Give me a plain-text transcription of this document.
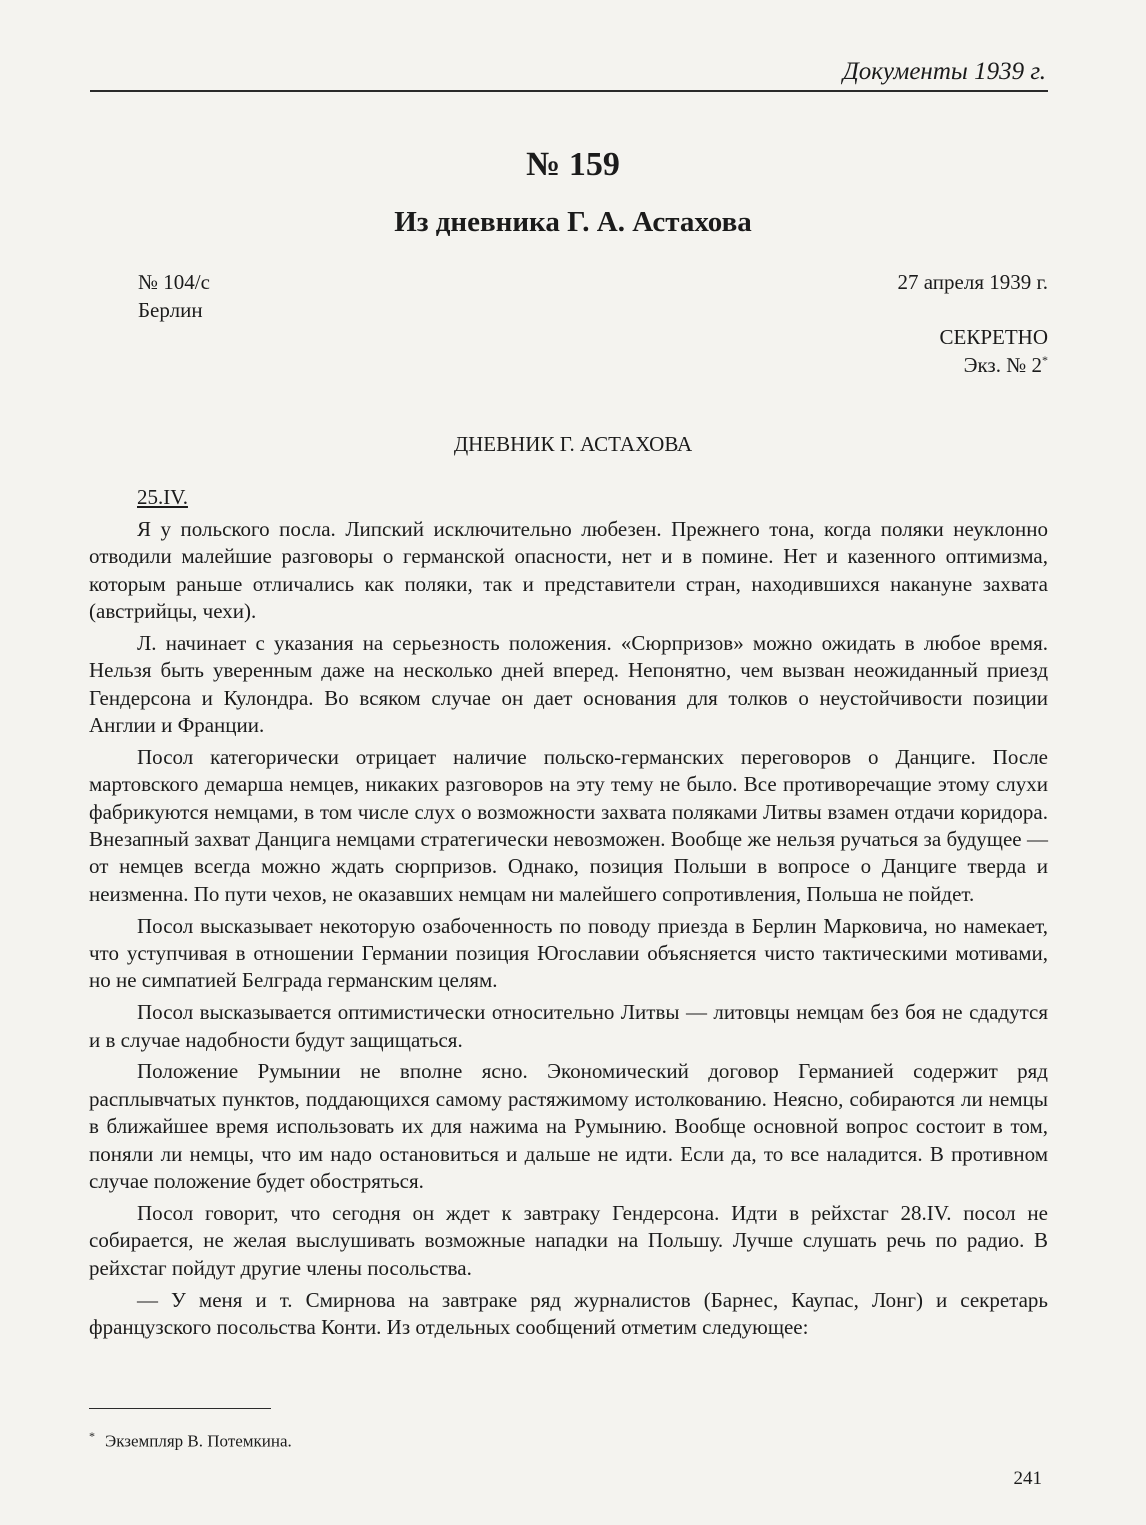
Документы 1939 г.
№ 159
Из дневника Г. А. Астахова
№ 104/с
Берлин
27 апреля 1939 г.
СЕКРЕТНО
Экз. № 2*
ДНЕВНИК Г. АСТАХОВА

25.IV.

Я у польского посла. Липский исключительно любезен. Прежнего тона, когда поляки неуклонно отводили малейшие разговоры о германской опасности, нет и в помине. Нет и казенного оптимизма, которым раньше отличались как поляки, так и представители стран, находившихся накануне захвата (австрийцы, чехи).

Л. начинает с указания на серьезность положения. «Сюрпризов» можно ожидать в любое время. Нельзя быть уверенным даже на несколько дней вперед. Непонятно, чем вызван неожиданный приезд Гендерсона и Кулондра. Во всяком случае он дает основания для толков о неустойчивости позиции Англии и Франции.

Посол категорически отрицает наличие польско-германских переговоров о Данциге. После мартовского демарша немцев, никаких разговоров на эту тему не было. Все противоречащие этому слухи фабрикуются немцами, в том числе слух о возможности захвата поляками Литвы взамен отдачи коридора. Внезапный захват Данцига немцами стратегически невозможен. Вообще же нельзя ручаться за будущее — от немцев всегда можно ждать сюрпризов. Однако, позиция Польши в вопросе о Данциге тверда и неизменна. По пути чехов, не оказавших немцам ни малейшего сопротивления, Польша не пойдет.

Посол высказывает некоторую озабоченность по поводу приезда в Берлин Марковича, но намекает, что уступчивая в отношении Германии позиция Югославии объясняется чисто тактическими мотивами, но не симпатией Белграда германским целям.

Посол высказывается оптимистически относительно Литвы — литовцы немцам без боя не сдадутся и в случае надобности будут защищаться.

Положение Румынии не вполне ясно. Экономический договор Германией содержит ряд расплывчатых пунктов, поддающихся самому растяжимому истолкованию. Неясно, собираются ли немцы в ближайшее время использовать их для нажима на Румынию. Вообще основной вопрос состоит в том, поняли ли немцы, что им надо остановиться и дальше не идти. Если да, то все наладится. В противном случае положение будет обостряться.

Посол говорит, что сегодня он ждет к завтраку Гендерсона. Идти в рейхстаг 28.IV. посол не собирается, не желая выслушивать возможные нападки на Польшу. Лучше слушать речь по радио. В рейхстаг пойдут другие члены посольства.

— У меня и т. Смирнова на завтраке ряд журналистов (Барнес, Каупас, Лонг) и секретарь французского посольства Конти. Из отдельных сообщений отметим следующее:

* Экземпляр В. Потемкина.
241
